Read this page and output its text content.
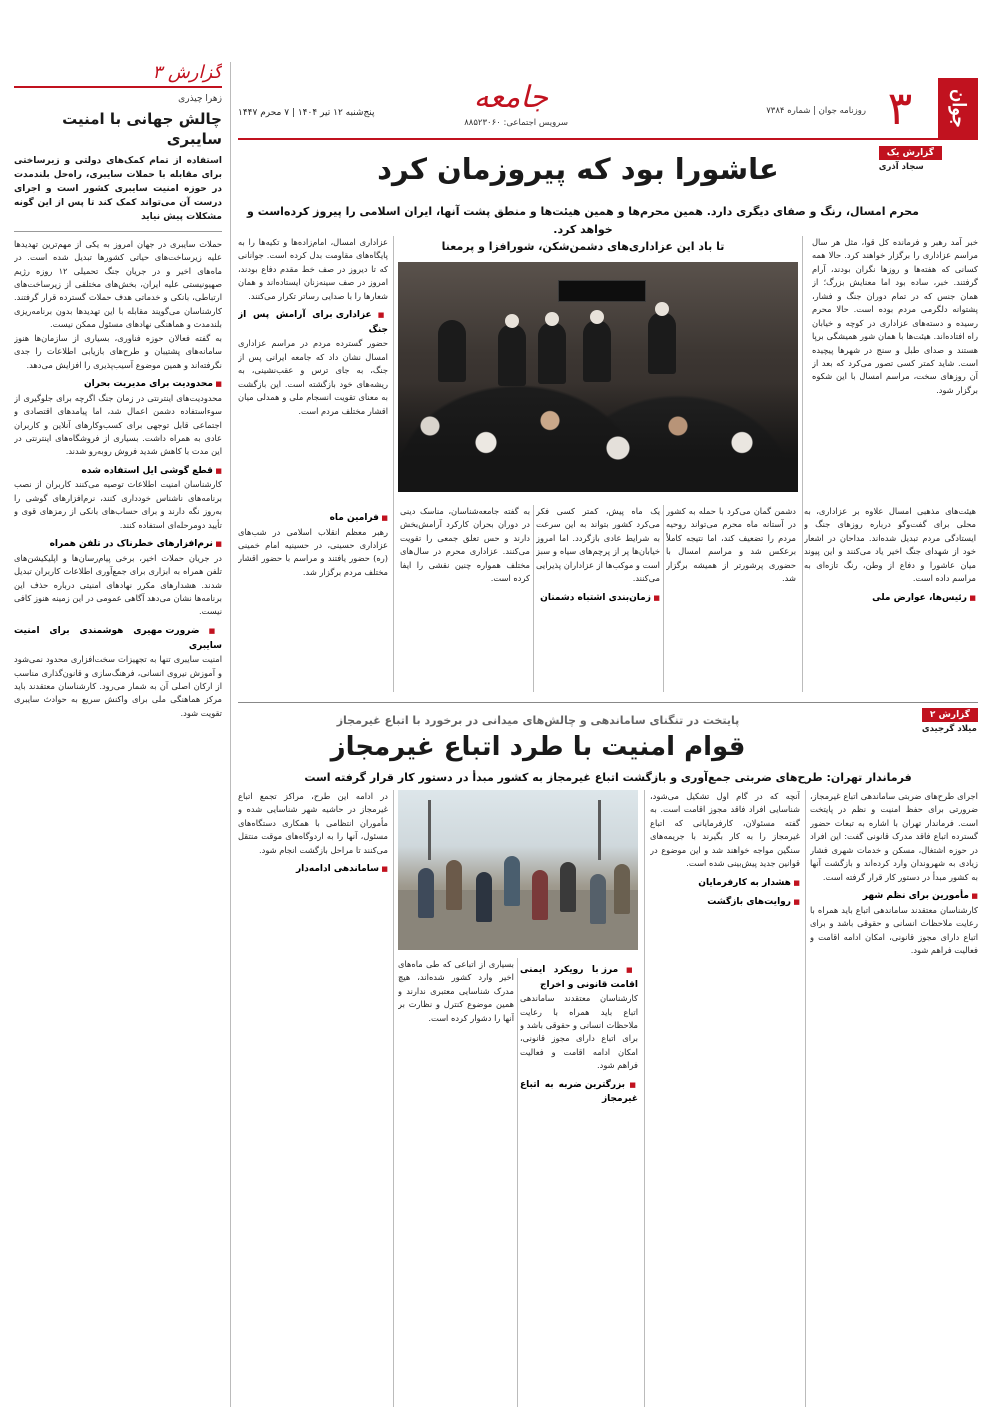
جوان
۳
روزنامه جوان | شماره ۷۳۸۴
جامعه
سرویس اجتماعی: ۸۸۵۲۳۰۶۰
پنج‌شنبه ۱۲ تیر ۱۴۰۴ | ۷ محرم ۱۴۴۷
گزارش ۳
زهرا چیذری
چالش جهانی با امنیت سایبری
استفاده از تمام کمک‌های دولتی و زیرساختی برای مقابله با حملات سایبری، راه‌حل بلندمدت در حوزه امنیت سایبری کشور است و اجرای درست آن می‌تواند کمک کند تا پس از این گونه مشکلات پیش نیاید

حملات سایبری در جهان امروز به یکی از مهم‌ترین تهدیدها علیه زیرساخت‌های حیاتی کشورها تبدیل شده است. در ماه‌های اخیر و در جریان جنگ تحمیلی ۱۲ روزه رژیم صهیونیستی علیه ایران، بخش‌های مختلفی از زیرساخت‌های ارتباطی، بانکی و خدماتی هدف حملات گسترده قرار گرفتند. کارشناسان می‌گویند مقابله با این تهدیدها بدون برنامه‌ریزی بلندمدت و هماهنگی نهادهای مسئول ممکن نیست.

به گفته فعالان حوزه فناوری، بسیاری از سازمان‌ها هنوز سامانه‌های پشتیبان و طرح‌های بازیابی اطلاعات را جدی نگرفته‌اند و همین موضوع آسیب‌پذیری را افزایش می‌دهد.

■ محدودیت برای مدیریت بحران

محدودیت‌های اینترنتی در زمان جنگ اگرچه برای جلوگیری از سوءاستفاده دشمن اعمال شد، اما پیامدهای اقتصادی و اجتماعی قابل توجهی برای کسب‌وکارهای آنلاین و کاربران عادی به همراه داشت. بسیاری از فروشگاه‌های اینترنتی در این مدت با کاهش شدید فروش روبه‌رو شدند.

■ قطع گوشی ایل استفاده شده

کارشناسان امنیت اطلاعات توصیه می‌کنند کاربران از نصب برنامه‌های ناشناس خودداری کنند، نرم‌افزارهای گوشی را به‌روز نگه دارند و برای حساب‌های بانکی از رمزهای قوی و تأیید دومرحله‌ای استفاده کنند.

■ نرم‌افزارهای خطرناک در تلفن همراه

در جریان حملات اخیر، برخی پیام‌رسان‌ها و اپلیکیشن‌های تلفن همراه به ابزاری برای جمع‌آوری اطلاعات کاربران تبدیل شدند. هشدارهای مکرر نهادهای امنیتی درباره حذف این برنامه‌ها نشان می‌دهد آگاهی عمومی در این زمینه هنوز کافی نیست.

■ ضرورت مهیری هوشمندی برای امنیت سایبری

امنیت سایبری تنها به تجهیزات سخت‌افزاری محدود نمی‌شود و آموزش نیروی انسانی، فرهنگ‌سازی و قانون‌گذاری مناسب از ارکان اصلی آن به شمار می‌رود. کارشناسان معتقدند باید مرکز هماهنگی ملی برای واکنش سریع به حوادث سایبری تقویت شود.

گزارش یک
سجاد آذری
عاشورا بود که پیروزمان کرد
محرم امسال، رنگ و صفای دیگری دارد. همین محرم‌ها و همین هیئت‌ها و منطق پشت آنها، ایران اسلامی را پیروز کرده‌است و خواهد کرد.
تا باد این عزاداری‌های دشمن‌شکن، شورافزا و پرمعنا	خبر آمد رهبر و فرمانده کل قوا، مثل هر سال مراسم عزاداری را برگزار خواهند کرد. حالا همه کسانی که هفته‌ها و روزها نگران بودند، آرام گرفتند. خبر، ساده بود اما معنایش بزرگ؛ از همان جنس که در تمام دوران جنگ و فشار، پشتوانه دلگرمی مردم بوده است. حالا محرم رسیده و دسته‌های عزاداری در کوچه و خیابان راه افتاده‌اند. هیئت‌ها با همان شور همیشگی برپا هستند و صدای طبل و سنج در شهرها پیچیده است. شاید کمتر کسی تصور می‌کرد که بعد از آن روزهای سخت، مراسم امسال با این شکوه برگزار شود.

عزاداری امسال، امام‌زاده‌ها و تکیه‌ها را به پایگاه‌های مقاومت بدل کرده است. جوانانی که تا دیروز در صف خط مقدم دفاع بودند، امروز در صف سینه‌زنان ایستاده‌اند و همان شعارها را با صدایی رساتر تکرار می‌کنند.

■ عزاداری برای آرامش پس از جنگ

حضور گسترده مردم در مراسم عزاداری امسال نشان داد که جامعه ایرانی پس از جنگ، به جای ترس و عقب‌نشینی، به ریشه‌های خود بازگشته است. این بازگشت به معنای تقویت انسجام ملی و همدلی میان اقشار مختلف مردم است.

■ فرامین ماه

رهبر معظم انقلاب اسلامی در شب‌های عزاداری حسینی، در حسینیه امام خمینی (ره) حضور یافتند و مراسم با حضور اقشار مختلف مردم برگزار شد.

به گفته جامعه‌شناسان، مناسک دینی در دوران بحران کارکرد آرامش‌بخش دارند و حس تعلق جمعی را تقویت می‌کنند. عزاداری محرم در سال‌های مختلف همواره چنین نقشی را ایفا کرده است.

یک ماه پیش، کمتر کسی فکر می‌کرد کشور بتواند به این سرعت به شرایط عادی بازگردد. اما امروز خیابان‌ها پر از پرچم‌های سیاه و سبز است و موکب‌ها از عزاداران پذیرایی می‌کنند.

■ زمان‌بندی اشتباه دشمنان

دشمن گمان می‌کرد با حمله به کشور در آستانه ماه محرم می‌تواند روحیه مردم را تضعیف کند، اما نتیجه کاملاً برعکس شد و مراسم امسال با حضوری پرشورتر از همیشه برگزار شد.

هیئت‌های مذهبی امسال علاوه بر عزاداری، به محلی برای گفت‌وگو درباره روزهای جنگ و ایستادگی مردم تبدیل شده‌اند. مداحان در اشعار خود از شهدای جنگ اخیر یاد می‌کنند و این پیوند میان عاشورا و دفاع از وطن، رنگ تازه‌ای به مراسم داده است.

■ رئیس‌ها، عوارض ملی
گزارش ۲
میلاد گرجیدی
پایتخت در تنگنای ساماندهی و چالش‌های میدانی در برخورد با اتباع غیرمجاز
قوام امنیت با طرد اتباع غیرمجاز
فرماندار تهران: طرح‌های ضربتی جمع‌آوری و بازگشت اتباع غیرمجاز به کشور مبدأ در دستور کار قرار گرفته است

اجرای طرح‌های ضربتی ساماندهی اتباع غیرمجاز، ضرورتی برای حفظ امنیت و نظم در پایتخت است. فرماندار تهران با اشاره به تبعات حضور گسترده اتباع فاقد مدرک قانونی گفت: این افراد در حوزه اشتغال، مسکن و خدمات شهری فشار زیادی به شهروندان وارد کرده‌اند و بازگشت آنها به کشور مبدأ در دستور کار قرار گرفته است.

■ مأمورین برای نظم شهر

کارشناسان معتقدند ساماندهی اتباع باید همراه با رعایت ملاحظات انسانی و حقوقی باشد و برای اتباع دارای مجوز قانونی، امکان ادامه اقامت و فعالیت فراهم شود.

آنچه که در گام اول تشکیل می‌شود، شناسایی افراد فاقد مجوز اقامت است. به گفته مسئولان، کارفرمایانی که اتباع غیرمجاز را به کار بگیرند با جریمه‌های سنگین مواجه خواهند شد و این موضوع در قوانین جدید پیش‌بینی شده است.

■ هشدار به کارفرمایان
■ روایت‌های بازگشت

در ادامه این طرح، مراکز تجمع اتباع غیرمجاز در حاشیه شهر شناسایی شده و مأموران انتظامی با همکاری دستگاه‌های مسئول، آنها را به اردوگاه‌های موقت منتقل می‌کنند تا مراحل بازگشت انجام شود.

■ ساماندهی ادامه‌دار

بسیاری از اتباعی که طی ماه‌های اخیر وارد کشور شده‌اند، هیچ مدرک شناسایی معتبری ندارند و همین موضوع کنترل و نظارت بر آنها را دشوار کرده است.

■ مرز با رویکرد ایمنی اقامت قانونی و اخراج

کارشناسان معتقدند ساماندهی اتباع باید همراه با رعایت ملاحظات انسانی و حقوقی باشد و برای اتباع دارای مجوز قانونی، امکان ادامه اقامت و فعالیت فراهم شود.

■ بزرگترین ضربه به اتباع غیرمجاز
